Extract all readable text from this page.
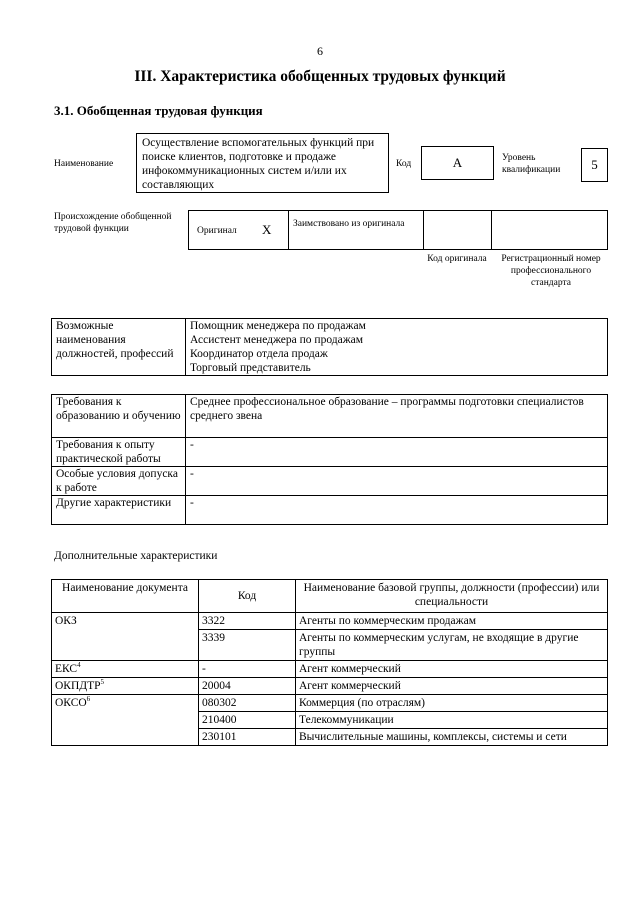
6
III. Характеристика обобщенных трудовых функций
3.1. Обобщенная трудовая функция
Наименование
Осуществление вспомогательных функций при поиске клиентов, подготовке и продаже инфокоммуникационных систем и/или их составляющих
Код	A	Уровень квалификации	5
Происхождение обобщенной трудовой функции	Оригинал X Заимствовано из оригинала
Код оригинала	Регистрационный номер профессионального стандарта
Возможные наименования должностей, профессий	
Помощник менеджера по продажам
Ассистент менеджера по продажам
Координатор отдела продаж
Торговый представитель
Требования к образованию и обучению	Среднее профессиональное образование – программы подготовки специалистов среднего звена
Требования к опыту практической работы	-
Особые условия допуска к работе	-
Другие характеристики	-
Дополнительные характеристики
Наименование документа	Код	Наименование базовой группы, должности (профессии) или специальности
ОКЗ	3322	Агенты по коммерческим продажам
	3339	Агенты по коммерческим услугам, не входящие в другие группы
ЕКС$^4$	-	Агент коммерческий
ОКПДТР$^5$	20004	Агент коммерческий
ОКСО$^6$	080302	Коммерция (по отраслям)
	210400	Телекоммуникации
	230101	Вычислительные машины, комплексы, системы и сети
